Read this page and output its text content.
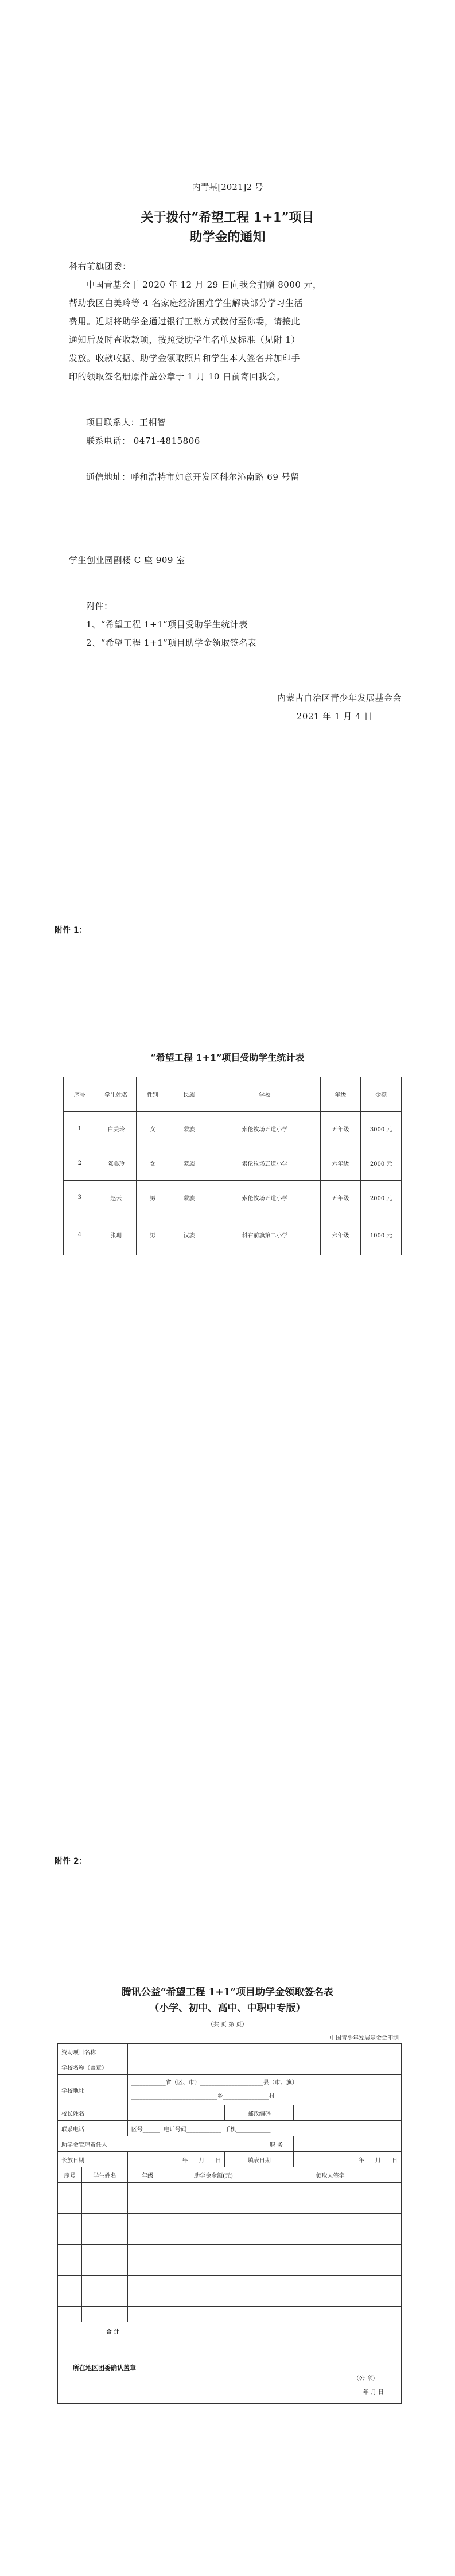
内青基[2021]2 号
关于拨付“希望工程 1+1”项目
助学金的通知
科右前旗团委：
中国青基会于 2020 年 12 月 29 日向我会捐赠 8000 元，
帮助我区白美玲等 4 名家庭经济困难学生解决部分学习生活
费用。近期将助学金通过银行工款方式拨付至你委，请接此
通知后及时查收款项，按照受助学生名单及标准（见附 1）
发放。收款收据、助学金领取照片和学生本人签名并加印手
印的领取签名册原件盖公章于 1 月 10 日前寄回我会。
项目联系人：王相智
联系电话： 0471-4815806
通信地址：呼和浩特市如意开发区科尔沁南路 69 号留
学生创业园副楼 C 座 909 室
附件：
1、“希望工程 1+1”项目受助学生统计表
2、“希望工程 1+1”项目助学金领取签名表
内蒙古自治区青少年发展基金会
2021 年 1 月 4 日
附件 1：
“希望工程 1+1”项目受助学生统计表
序号	学生姓名	性别	民族	学校	年级	金额
1	白美玲	女	蒙族	索伦牧场五道小学	五年级	3000 元
2	陈美玲	女	蒙族	索伦牧场五道小学	六年级	2000 元
3	赵云	男	蒙族	索伦牧场五道小学	五年级	2000 元
4	张珊	男	汉族	科右前旗第二小学	六年级	1000 元
附件 2：
腾讯公益“希望工程 1+1”项目助学金领取签名表
（小学、初中、高中、中职中专版）
（共 页 第 页）
中国青少年发展基金会印制
资助项目名称						
学校名称（盖章）						
学校地址		____________省（区、市）______________________县（市、旗）
______________________________乡________________村				

校长姓名				邮政编码		
联系电话		区号______  电话号码____________  手机____________				
助学金管理责任人					职 务	
长放日期		年 月 日		填表日期		年 月 日
序号	学生姓名	年级	助学金金额(元)		领取人签字	

合 计						

所在地区团委确认盖章
（公 章）
年 月 日						
